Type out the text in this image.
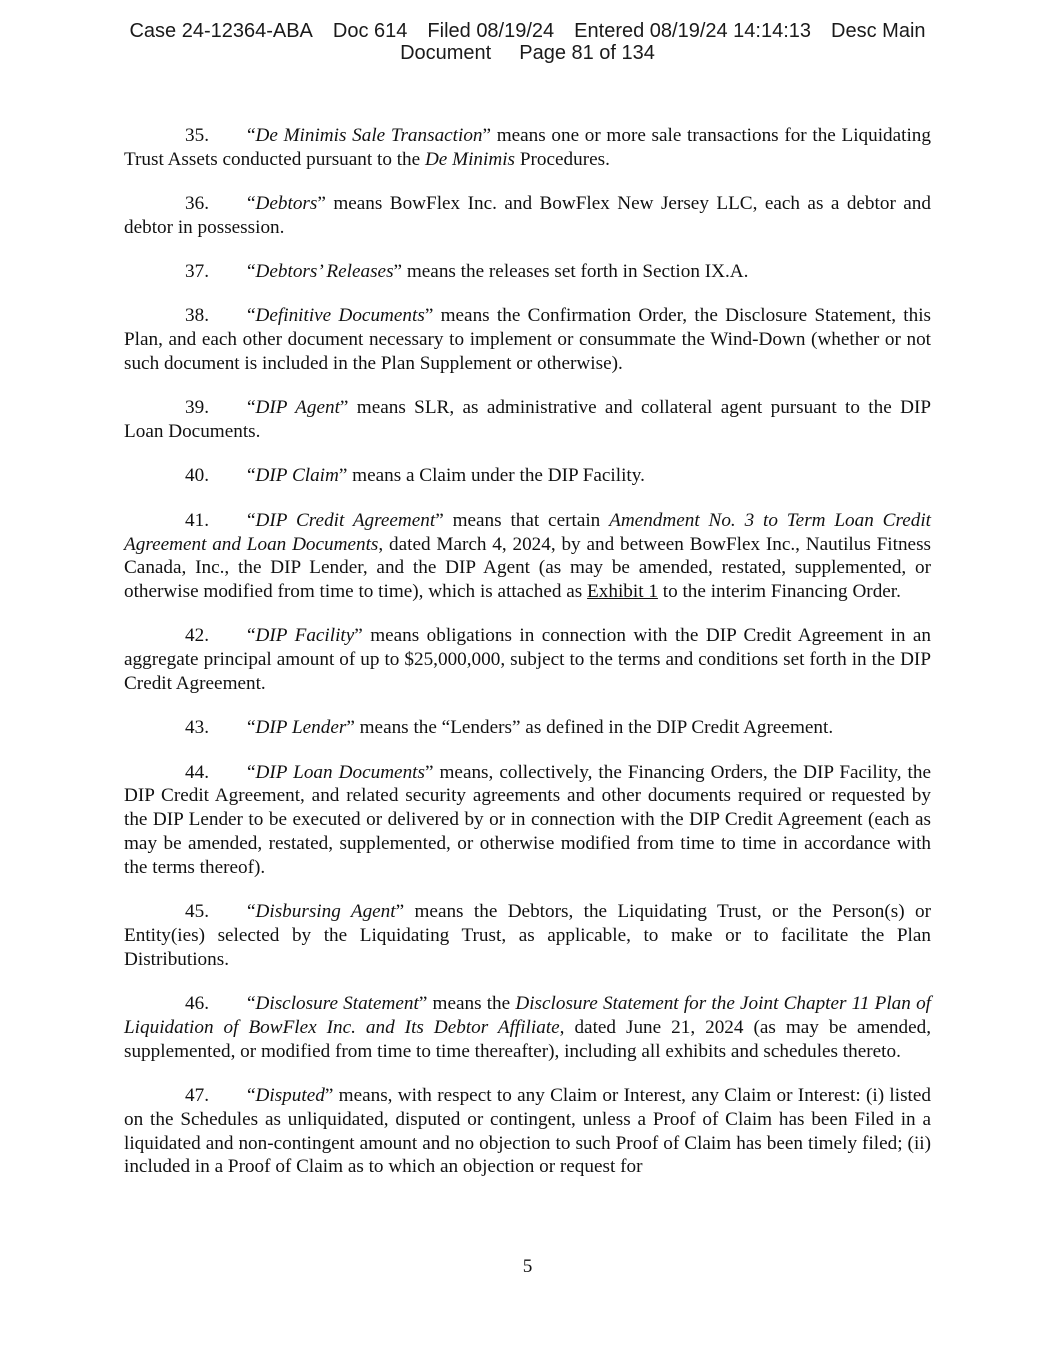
Case 24-12364-ABA Doc 614 Filed 08/19/24 Entered 08/19/24 14:14:13 Desc Main
Document Page 81 of 134

35. “De Minimis Sale Transaction” means one or more sale transactions for the Liquidating Trust Assets conducted pursuant to the De Minimis Procedures.

36. “Debtors” means BowFlex Inc. and BowFlex New Jersey LLC, each as a debtor and debtor in possession.

37. “Debtors’ Releases” means the releases set forth in Section IX.A.

38. “Definitive Documents” means the Confirmation Order, the Disclosure Statement, this Plan, and each other document necessary to implement or consummate the Wind-Down (whether or not such document is included in the Plan Supplement or otherwise).

39. “DIP Agent” means SLR, as administrative and collateral agent pursuant to the DIP Loan Documents.

40. “DIP Claim” means a Claim under the DIP Facility.

41. “DIP Credit Agreement” means that certain Amendment No. 3 to Term Loan Credit Agreement and Loan Documents, dated March 4, 2024, by and between BowFlex Inc., Nautilus Fitness Canada, Inc., the DIP Lender, and the DIP Agent (as may be amended, restated, supplemented, or otherwise modified from time to time), which is attached as Exhibit 1 to the interim Financing Order.

42. “DIP Facility” means obligations in connection with the DIP Credit Agreement in an aggregate principal amount of up to $25,000,000, subject to the terms and conditions set forth in the DIP Credit Agreement.

43. “DIP Lender” means the “Lenders” as defined in the DIP Credit Agreement.

44. “DIP Loan Documents” means, collectively, the Financing Orders, the DIP Facility, the DIP Credit Agreement, and related security agreements and other documents required or requested by the DIP Lender to be executed or delivered by or in connection with the DIP Credit Agreement (each as may be amended, restated, supplemented, or otherwise modified from time to time in accordance with the terms thereof).

45. “Disbursing Agent” means the Debtors, the Liquidating Trust, or the Person(s) or Entity(ies) selected by the Liquidating Trust, as applicable, to make or to facilitate the Plan Distributions.

46. “Disclosure Statement” means the Disclosure Statement for the Joint Chapter 11 Plan of Liquidation of BowFlex Inc. and Its Debtor Affiliate, dated June 21, 2024 (as may be amended, supplemented, or modified from time to time thereafter), including all exhibits and schedules thereto.

47. “Disputed” means, with respect to any Claim or Interest, any Claim or Interest: (i) listed on the Schedules as unliquidated, disputed or contingent, unless a Proof of Claim has been Filed in a liquidated and non-contingent amount and no objection to such Proof of Claim has been timely filed; (ii) included in a Proof of Claim as to which an objection or request for

5
